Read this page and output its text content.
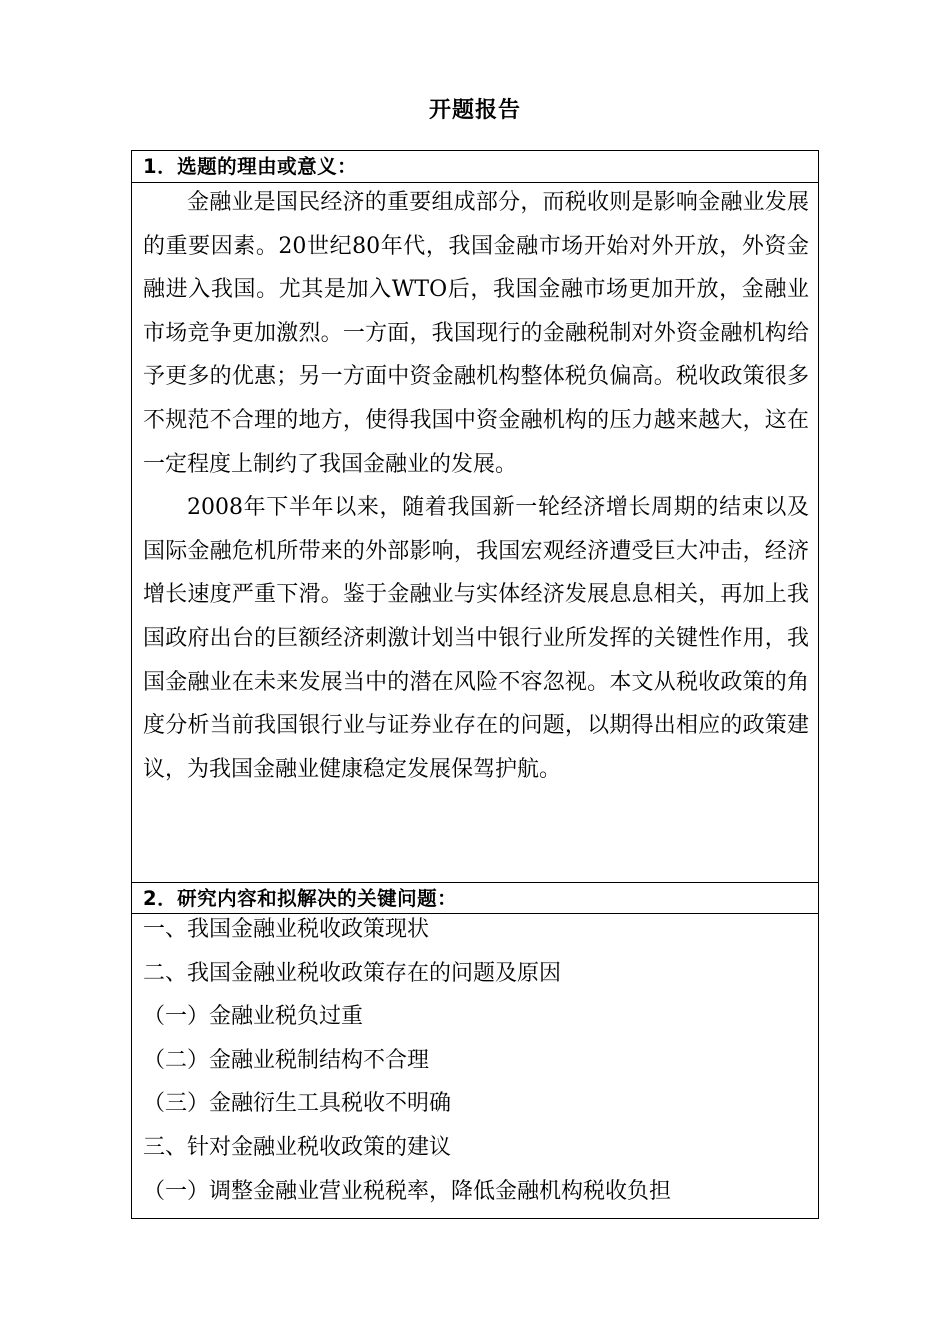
开题报告
1．选题的理由或意义：

金融业是国民经济的重要组成部分，而税收则是影响金融业发展的重要因素。20世纪80年代，我国金融市场开始对外开放，外资金融进入我国。尤其是加入WTO后，我国金融市场更加开放，金融业市场竞争更加激烈。一方面，我国现行的金融税制对外资金融机构给予更多的优惠；另一方面中资金融机构整体税负偏高。税收政策很多不规范不合理的地方，使得我国中资金融机构的压力越来越大，这在一定程度上制约了我国金融业的发展。

2008年下半年以来，随着我国新一轮经济增长周期的结束以及国际金融危机所带来的外部影响，我国宏观经济遭受巨大冲击，经济增长速度严重下滑。鉴于金融业与实体经济发展息息相关，再加上我国政府出台的巨额经济刺激计划当中银行业所发挥的关键性作用，我国金融业在未来发展当中的潜在风险不容忽视。本文从税收政策的角度分析当前我国银行业与证券业存在的问题，以期得出相应的政策建议，为我国金融业健康稳定发展保驾护航。

2．研究内容和拟解决的关键问题：

一、我国金融业税收政策现状

二、我国金融业税收政策存在的问题及原因

（一）金融业税负过重

（二）金融业税制结构不合理

（三）金融衍生工具税收不明确

三、针对金融业税收政策的建议

（一）调整金融业营业税税率，降低金融机构税收负担
